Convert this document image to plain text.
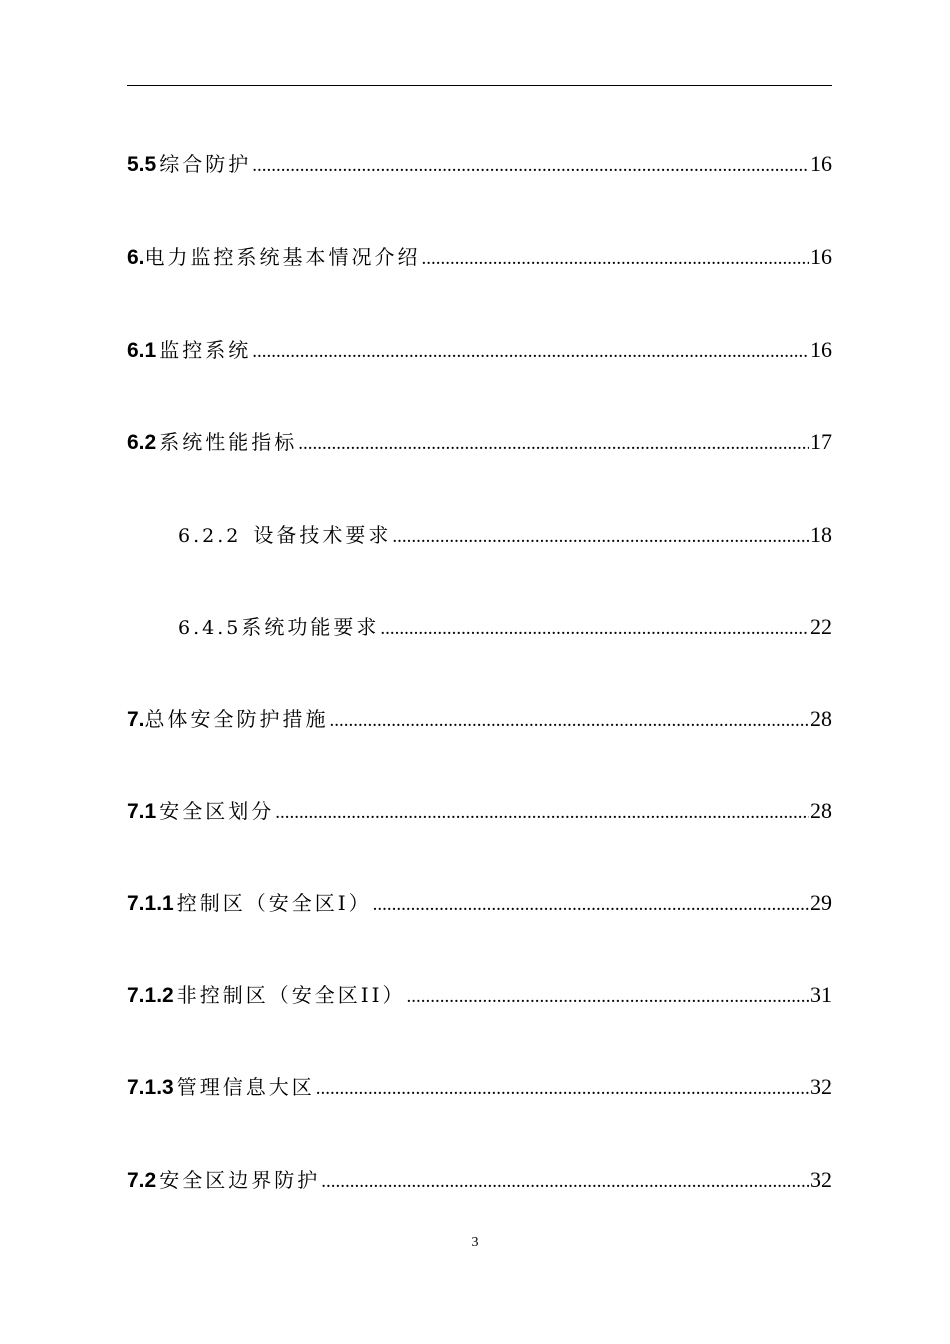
5.5 综合防护 .....	16
6. 电力监控系统基本情况介绍 .....	16
6.1 监控系统 .....	16
6.2 系统性能指标 .....	17
6.2.2 设备技术要求 .....	18
6.4.5 系统功能要求 .....	22
7. 总体安全防护措施 .....	28
7.1 安全区划分 .....	28
7.1.1 控制区（安全区I） .....	29
7.1.2 非控制区（安全区II） .....	31
7.1.3 管理信息大区 .....	32
7.2 安全区边界防护 .....	32
3
